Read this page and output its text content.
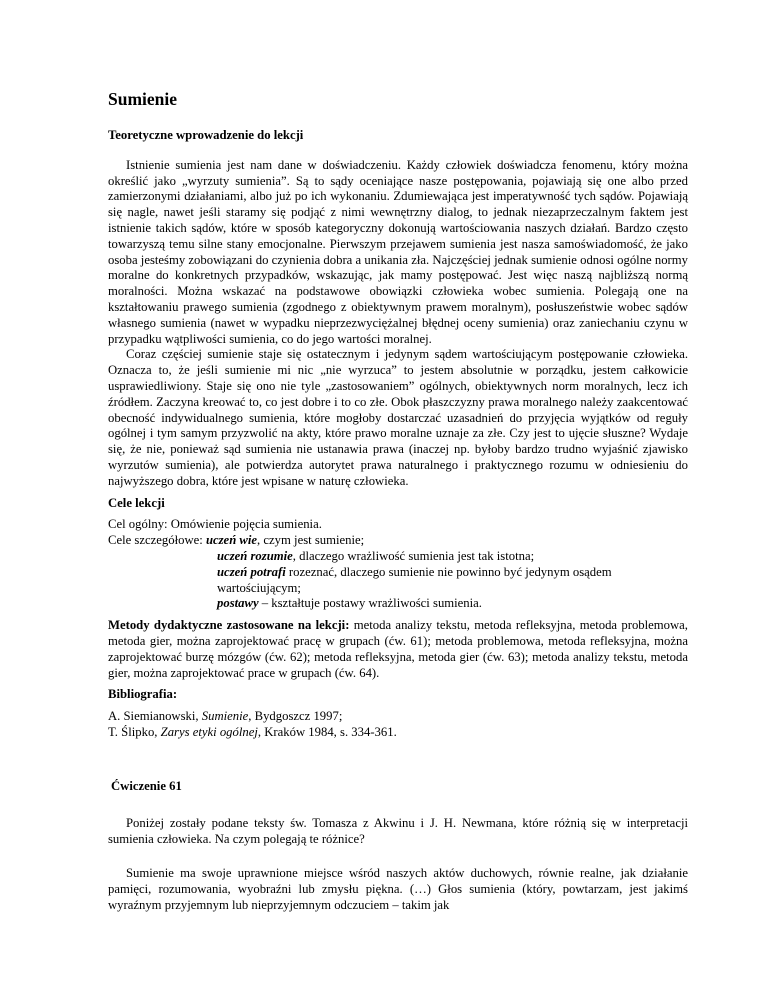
Sumienie

Teoretyczne wprowadzenie do lekcji

Istnienie sumienia jest nam dane w doświadczeniu. Każdy człowiek doświadcza fenomenu, który można określić jako „wyrzuty sumienia”. Są to sądy oceniające nasze postępowania, pojawiają się one albo przed zamierzonymi działaniami, albo już po ich wykonaniu. Zdumiewająca jest imperatywność tych sądów. Pojawiają się nagle, nawet jeśli staramy się podjąć z nimi wewnętrzny dialog, to jednak niezaprzeczalnym faktem jest istnienie takich sądów, które w sposób kategoryczny dokonują wartościowania naszych działań. Bardzo często towarzyszą temu silne stany emocjonalne. Pierwszym przejawem sumienia jest nasza samoświadomość, że jako osoba jesteśmy zobowiązani do czynienia dobra a unikania zła. Najczęściej jednak sumienie odnosi ogólne normy moralne do konkretnych przypadków, wskazując, jak mamy postępować. Jest więc naszą najbliższą normą moralności. Można wskazać na podstawowe obowiązki człowieka wobec sumienia. Polegają one na kształtowaniu prawego sumienia (zgodnego z obiektywnym prawem moralnym), posłuszeństwie wobec sądów własnego sumienia (nawet w wypadku nieprzezwyciężalnej błędnej oceny sumienia) oraz zaniechaniu czynu w przypadku wątpliwości sumienia, co do jego wartości moralnej.

Coraz częściej sumienie staje się ostatecznym i jedynym sądem wartościującym postępowanie człowieka. Oznacza to, że jeśli sumienie mi nic „nie wyrzuca” to jestem absolutnie w porządku, jestem całkowicie usprawiedliwiony. Staje się ono nie tyle „zastosowaniem” ogólnych, obiektywnych norm moralnych, lecz ich źródłem. Zaczyna kreować to, co jest dobre i to co złe. Obok płaszczyzny prawa moralnego należy zaakcentować obecność indywidualnego sumienia, które mogłoby dostarczać uzasadnień do przyjęcia wyjątków od reguły ogólnej i tym samym przyzwolić na akty, które prawo moralne uznaje za złe. Czy jest to ujęcie słuszne? Wydaje się, że nie, ponieważ sąd sumienia nie ustanawia prawa (inaczej np. byłoby bardzo trudno wyjaśnić zjawisko wyrzutów sumienia), ale potwierdza autorytet prawa naturalnego i praktycznego rozumu w odniesieniu do najwyższego dobra, które jest wpisane w naturę człowieka.

Cele lekcji

Cel ogólny: Omówienie pojęcia sumienia.

Cele szczegółowe:
uczeń wie, czym jest sumienie;

uczeń rozumie, dlaczego wrażliwość sumienia jest tak istotna;

uczeń potrafi rozeznać, dlaczego sumienie nie powinno być jedynym osądem wartościującym;

postawy – kształtuje postawy wrażliwości sumienia.

Metody dydaktyczne zastosowane na lekcji: metoda analizy tekstu, metoda refleksyjna, metoda problemowa, metoda gier, można zaprojektować pracę w grupach (ćw. 61); metoda problemowa, metoda refleksyjna, można zaprojektować burzę mózgów (ćw. 62); metoda refleksyjna, metoda gier (ćw. 63); metoda analizy tekstu, metoda gier, można zaprojektować prace w grupach (ćw. 64).

Bibliografia:

A. Siemianowski, Sumienie, Bydgoszcz 1997;

T. Ślipko, Zarys etyki ogólnej, Kraków 1984, s. 334-361.

Ćwiczenie 61

Poniżej zostały podane teksty św. Tomasza z Akwinu i J. H. Newmana, które różnią się w interpretacji sumienia człowieka. Na czym polegają te różnice?

Sumienie ma swoje uprawnione miejsce wśród naszych aktów duchowych, równie realne, jak działanie pamięci, rozumowania, wyobraźni lub zmysłu piękna. (…) Głos sumienia (który, powtarzam, jest jakimś wyraźnym przyjemnym lub nieprzyjemnym odczuciem – takim jak
